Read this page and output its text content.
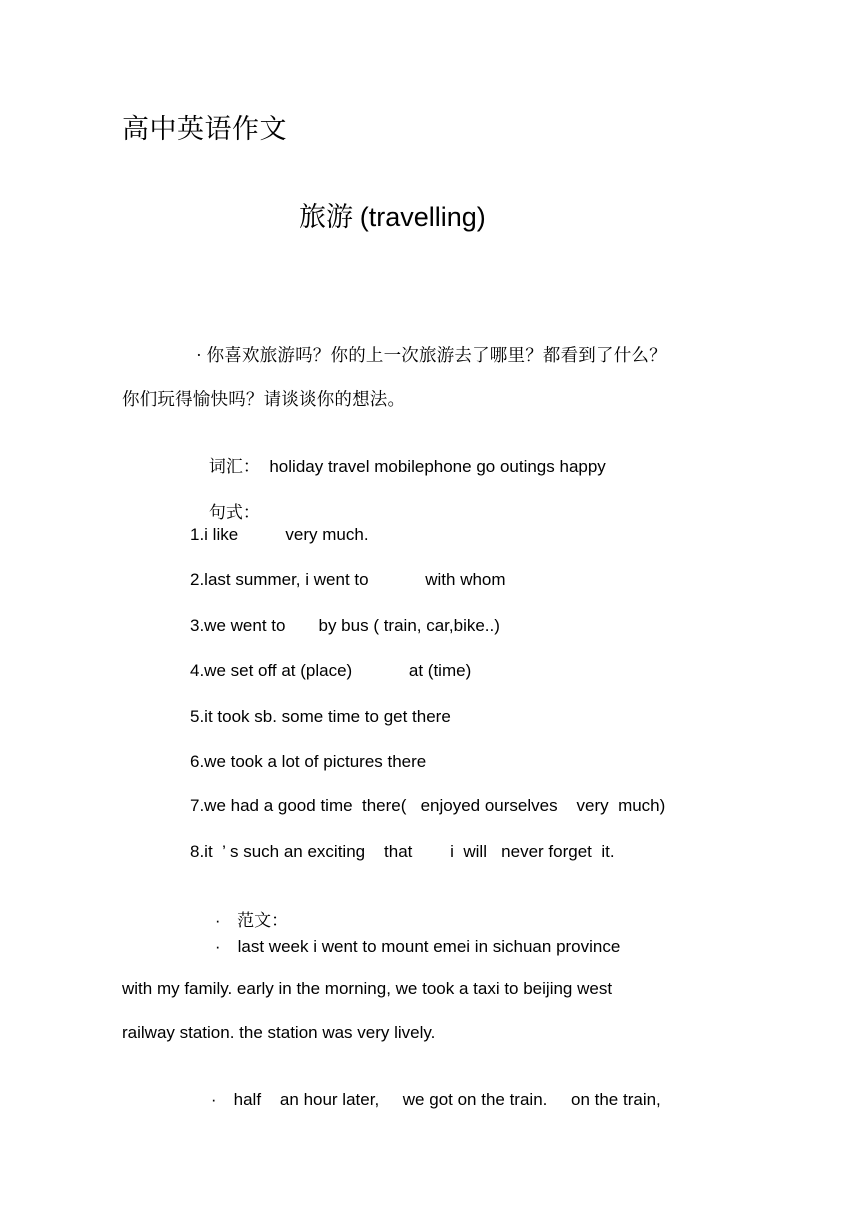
高中英语作文
旅游 (travelling)
· 你喜欢旅游吗？你的上一次旅游去了哪里？都看到了什么？
你们玩得愉快吗？请谈谈你的想法。

词汇：  holiday travel mobilephone go outings happy

句式：

1.i like          very much.
2.last summer, i went to            with whom
3.we went to       by bus ( train, car,bike..)
4.we set off at (place)            at (time)
5.it took sb. some time to get there
6.we took a lot of pictures there
7.we had a good time  there(   enjoyed ourselves    very  much)
8.it  ’ s such an exciting    that        i  will   never forget  it.

· 范文：

· last week i went to mount emei in sichuan province

with my family. early in the morning, we took a taxi to beijing west
railway station. the station was very lively.

· half    an hour later,     we got on the train.     on the train,
